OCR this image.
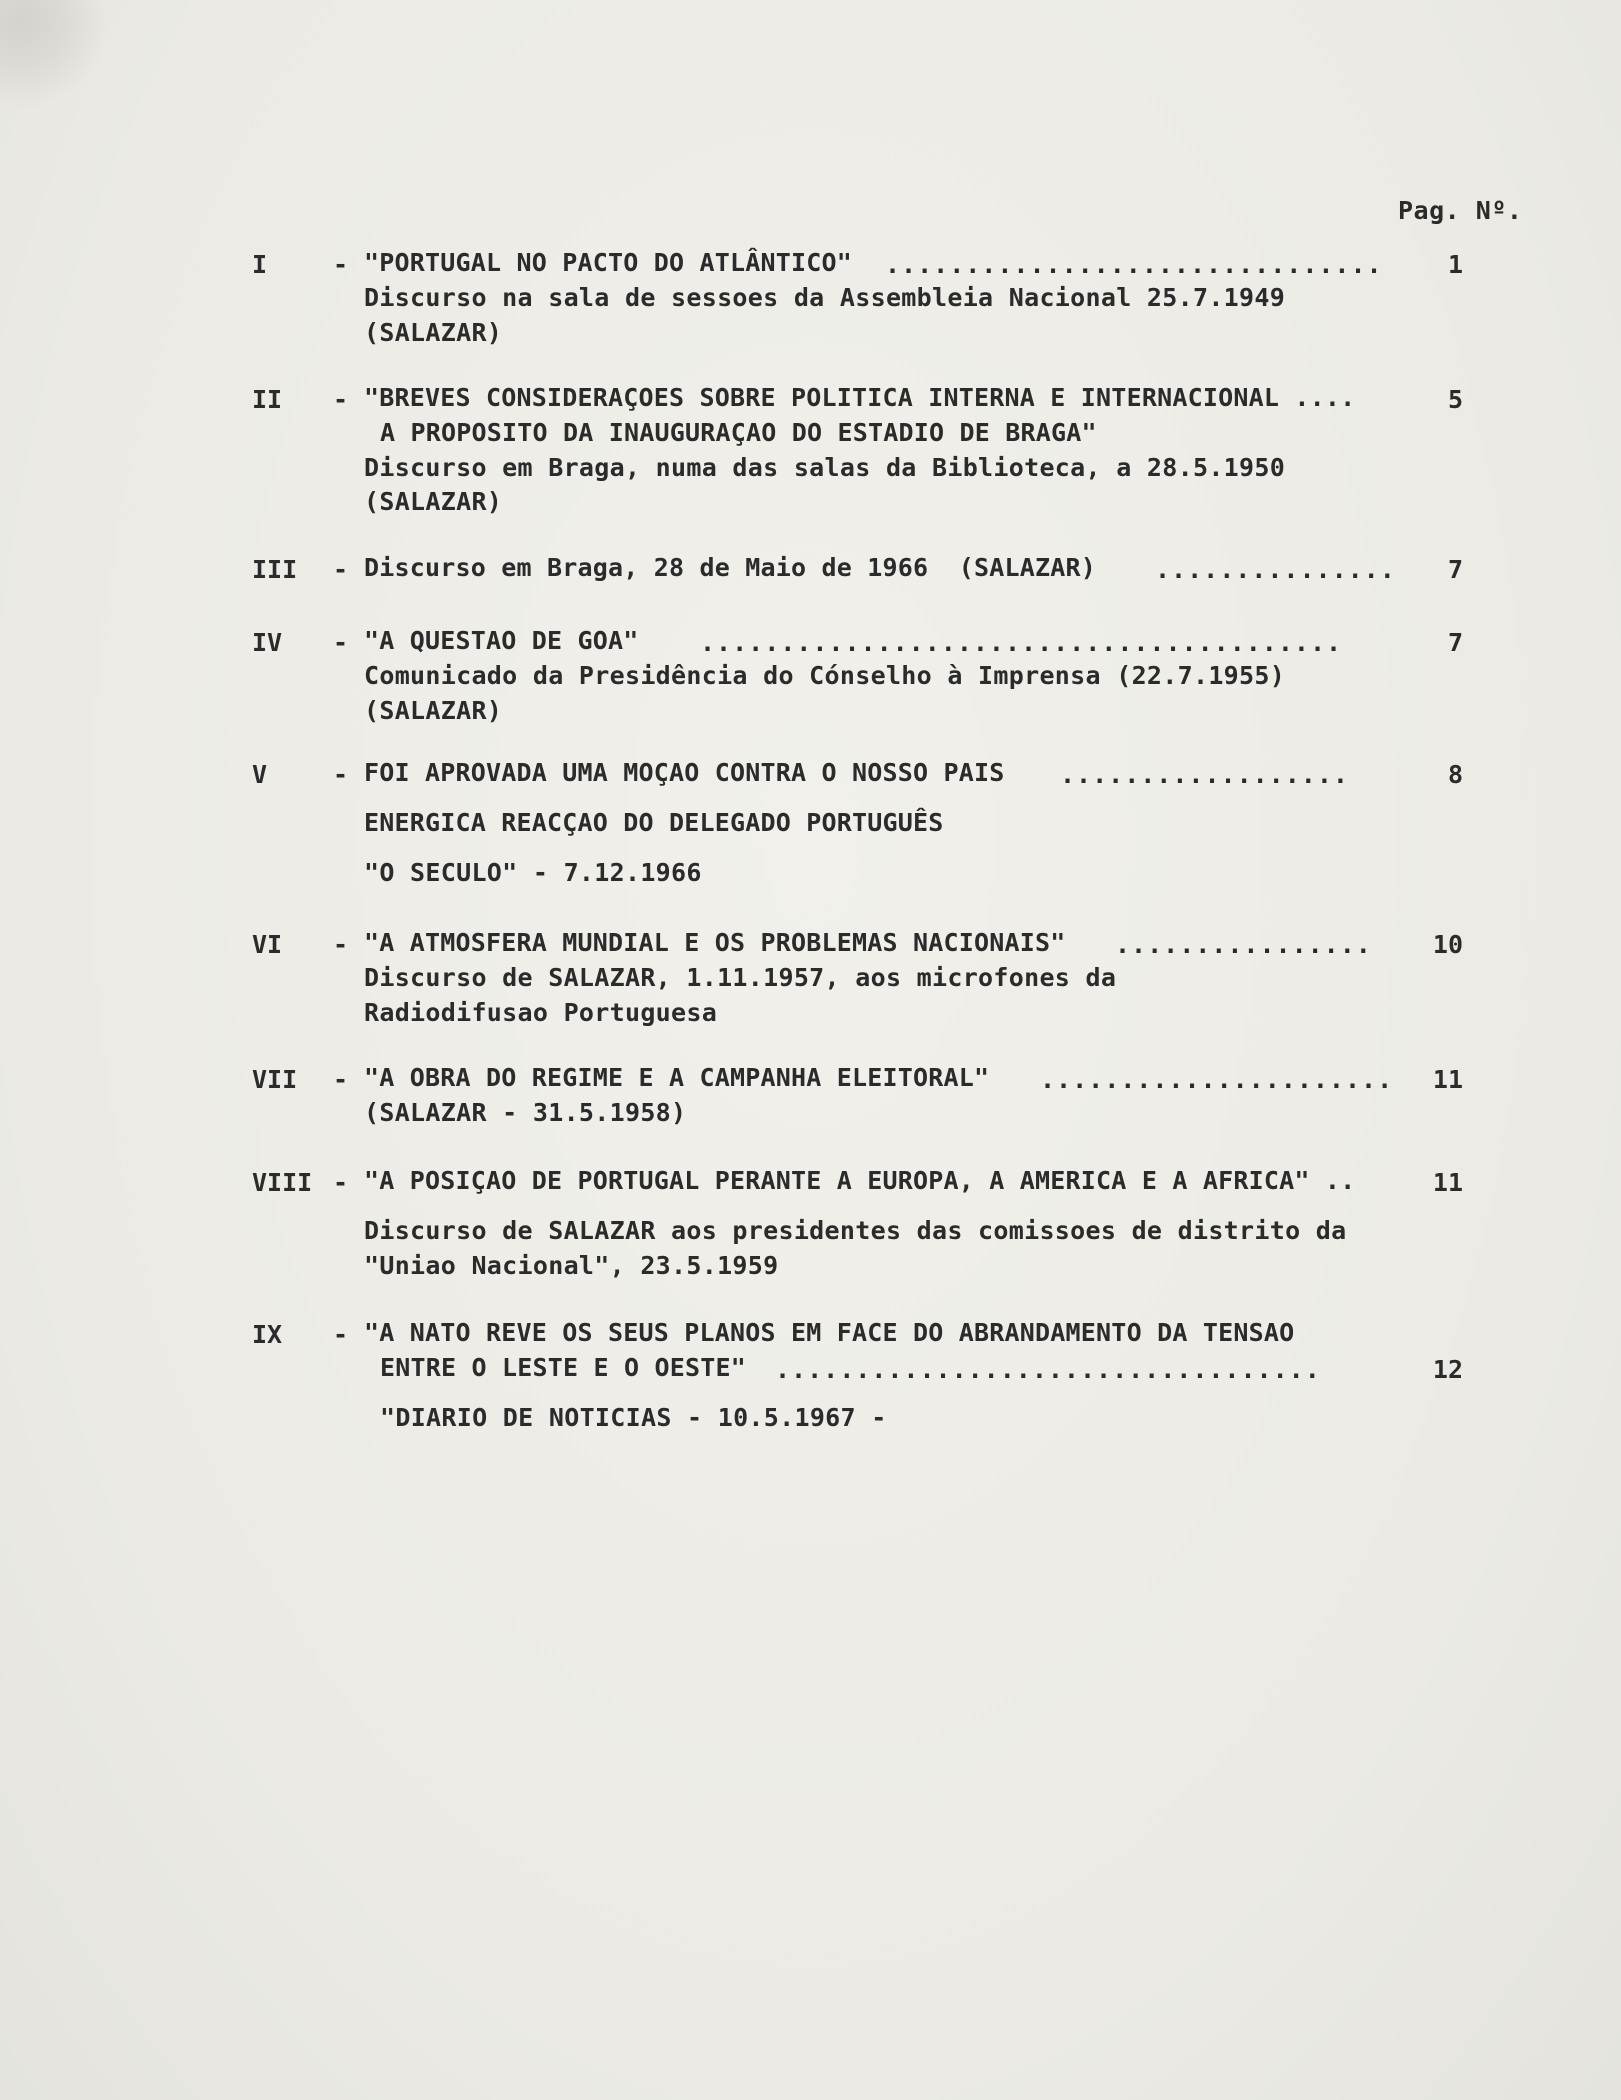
Pag. Nº.
I	- "PORTUGAL NO PACTO DO ATLÂNTICO" ...............................	1
Discurso na sala de sessoes da Assembleia Nacional 25.7.1949
(SALAZAR)
II - "BREVES CONSIDERAÇOES SOBRE POLITICA INTERNA E INTERNACIONAL ....	5
A PROPOSITO DA INAUGURAÇAO DO ESTADIO DE BRAGA"
Discurso em Braga, numa das salas da Biblioteca, a 28.5.1950
(SALAZAR)
III - Discurso em Braga, 28 de Maio de 1966  (SALAZAR) ............... 7
IV - "A QUESTAO DE GOA" ........................................	7
Comunicado da Presidência do Cónselho à Imprensa (22.7.1955)
(SALAZAR)
V	- FOI APROVADA UMA MOÇAO CONTRA O NOSSO PAIS ..................	8
ENERGICA REACÇAO DO DELEGADO PORTUGUÊS
"O SECULO" - 7.12.1966
VI - "A ATMOSFERA MUNDIAL E OS PROBLEMAS NACIONAIS" ................ 10
Discurso de SALAZAR, 1.11.1957, aos microfones da
Radiodifusao Portuguesa
VII - "A OBRA DO REGIME E A CAMPANHA ELEITORAL" ...................... 11
(SALAZAR - 31.5.1958)
VIII - "A POSIÇAO DE PORTUGAL PERANTE A EUROPA, A AMERICA E A AFRICA" ..	11
Discurso de SALAZAR aos presidentes das comissoes de distrito da
"Uniao Nacional", 23.5.1959
IX - "A NATO REVE OS SEUS PLANOS EM FACE DO ABRANDAMENTO DA TENSAO
ENTRE O LESTE E O OESTE" ..................................	12
"DIARIO DE NOTICIAS - 10.5.1967 -
